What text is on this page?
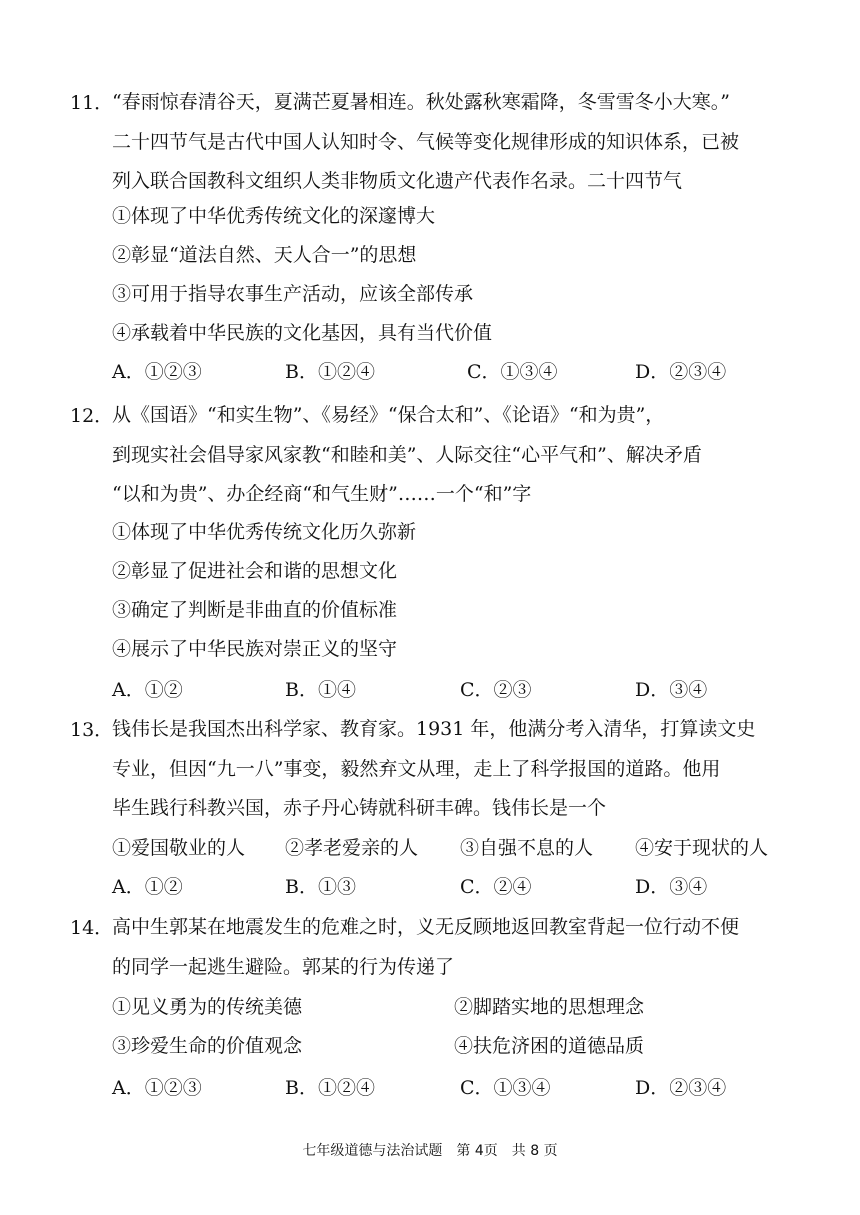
11．
“春雨惊春清谷天，夏满芒夏暑相连。秋处露秋寒霜降，冬雪雪冬小大寒。”
二十四节气是古代中国人认知时令、气候等变化规律形成的知识体系，已被
列入联合国教科文组织人类非物质文化遗产代表作名录。二十四节气
①体现了中华优秀传统文化的深邃博大
②彰显“道法自然、天人合一”的思想
③可用于指导农事生产活动，应该全部传承
④承载着中华民族的文化基因，具有当代价值
A．①②③	B．①②④	C．①③④	D．②③④
12．
从《国语》“和实生物”、《易经》“保合太和”、《论语》“和为贵”，
到现实社会倡导家风家教“和睦和美”、人际交往“心平气和”、解决矛盾
“以和为贵”、办企经商“和气生财”……一个“和”字
①体现了中华优秀传统文化历久弥新
②彰显了促进社会和谐的思想文化
③确定了判断是非曲直的价值标准
④展示了中华民族对崇正义的坚守
A．①②	B．①④	C．②③	D．③④
13．
钱伟长是我国杰出科学家、教育家。1931 年，他满分考入清华，打算读文史
专业，但因“九一八”事变，毅然弃文从理，走上了科学报国的道路。他用
毕生践行科教兴国，赤子丹心铸就科研丰碑。钱伟长是一个
①爱国敬业的人 ②孝老爱亲的人 ③自强不息的人 ④安于现状的人
A．①②	B．①③	C．②④	D．③④
14．
高中生郭某在地震发生的危难之时，义无反顾地返回教室背起一位行动不便
的同学一起逃生避险。郭某的行为传递了
①见义勇为的传统美德	②脚踏实地的思想理念
③珍爱生命的价值观念	④扶危济困的道德品质
A．①②③	B．①②④	C．①③④	D．②③④
七年级道德与法治试题　第 4页　共 8 页
